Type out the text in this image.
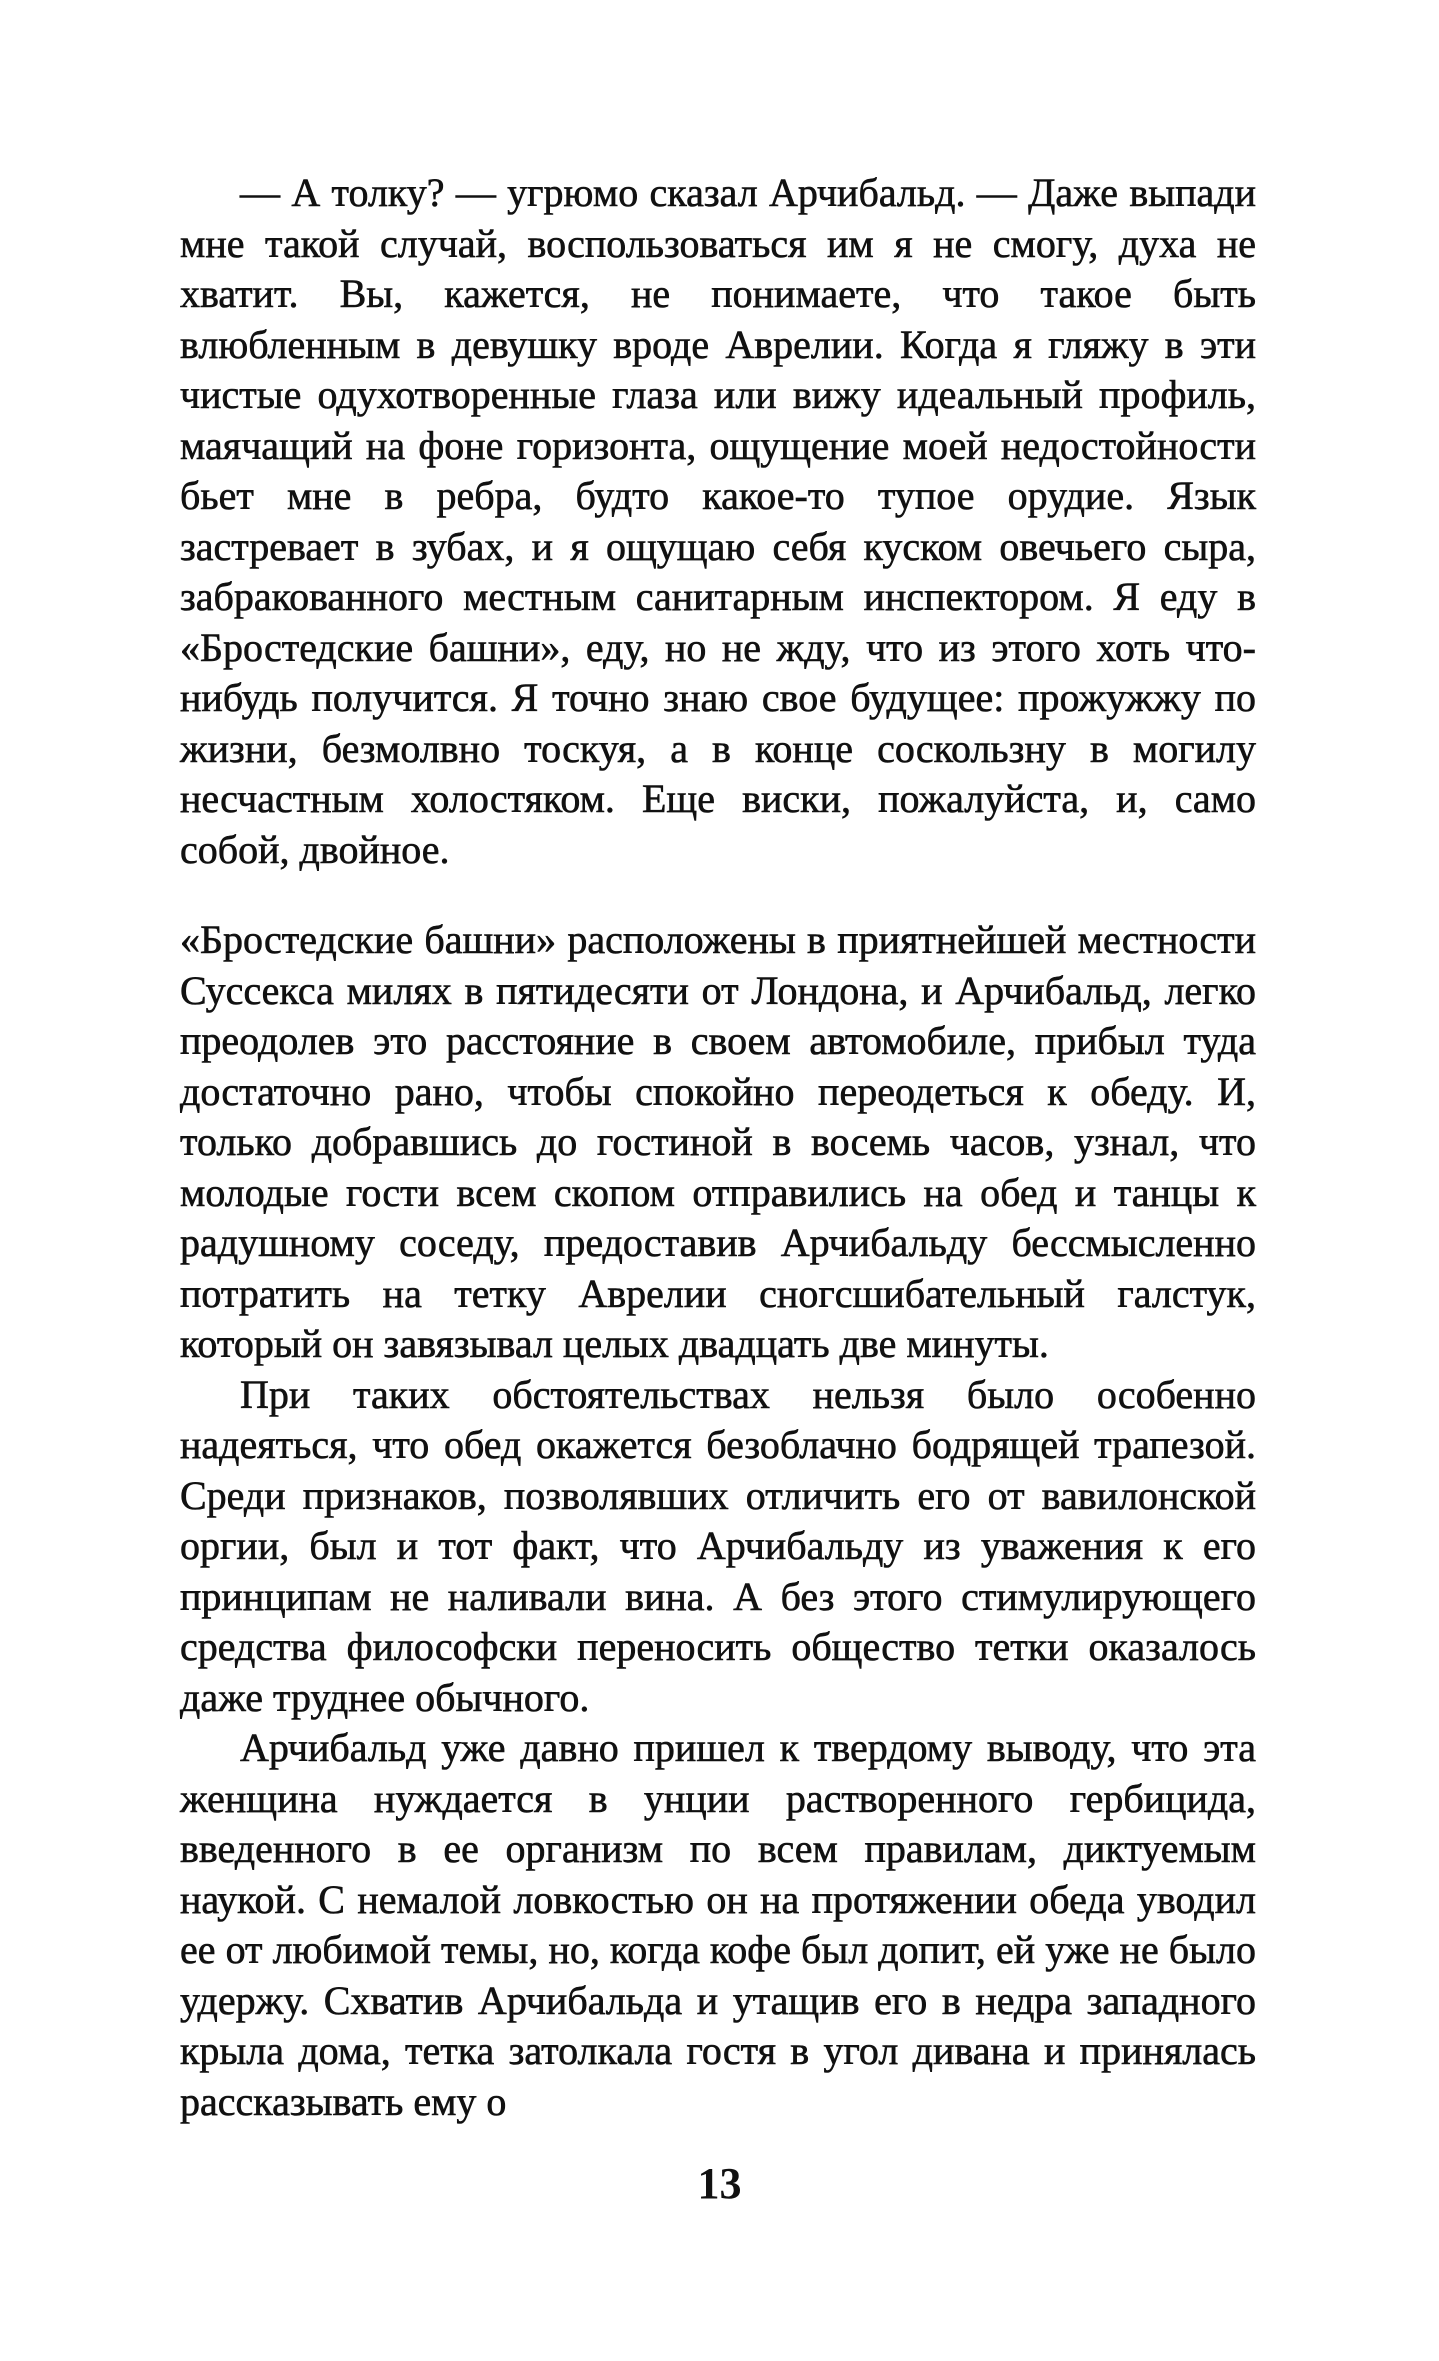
— А толку? — угрюмо сказал Арчибальд. — Даже выпади мне такой случай, воспользоваться им я не смогу, духа не хватит. Вы, кажется, не понимаете, что такое быть влюбленным в девушку вроде Аврелии. Когда я гляжу в эти чистые одухотворенные глаза или вижу идеальный профиль, маячащий на фоне горизонта, ощущение моей недостойности бьет мне в ребра, будто какое-то тупое орудие. Язык застревает в зубах, и я ощущаю себя куском овечьего сыра, забракованного местным санитарным инспектором. Я еду в «Бростедские башни», еду, но не жду, что из этого хоть что-нибудь получится. Я точно знаю свое будущее: прожужжу по жизни, безмолвно тоскуя, а в конце соскользну в могилу несчастным холостяком. Еще виски, пожалуйста, и, само собой, двойное.

«Бростедские башни» расположены в приятнейшей местности Суссекса милях в пятидесяти от Лондона, и Арчибальд, легко преодолев это расстояние в своем автомобиле, прибыл туда достаточно рано, чтобы спокойно переодеться к обеду. И, только добравшись до гостиной в восемь часов, узнал, что молодые гости всем скопом отправились на обед и танцы к радушному соседу, предоставив Арчибальду бессмысленно потратить на тетку Аврелии сногсшибательный галстук, который он завязывал целых двадцать две минуты.

При таких обстоятельствах нельзя было особенно надеяться, что обед окажется безоблачно бодрящей трапезой. Среди признаков, позволявших отличить его от вавилонской оргии, был и тот факт, что Арчибальду из уважения к его принципам не наливали вина. А без этого стимулирующего средства философски переносить общество тетки оказалось даже труднее обычного.

Арчибальд уже давно пришел к твердому выводу, что эта женщина нуждается в унции растворенного гербицида, введенного в ее организм по всем правилам, диктуемым наукой. С немалой ловкостью он на протяжении обеда уводил ее от любимой темы, но, когда кофе был допит, ей уже не было удержу. Схватив Арчибальда и утащив его в недра западного крыла дома, тетка затолкала гостя в угол дивана и принялась рассказывать ему о

13
